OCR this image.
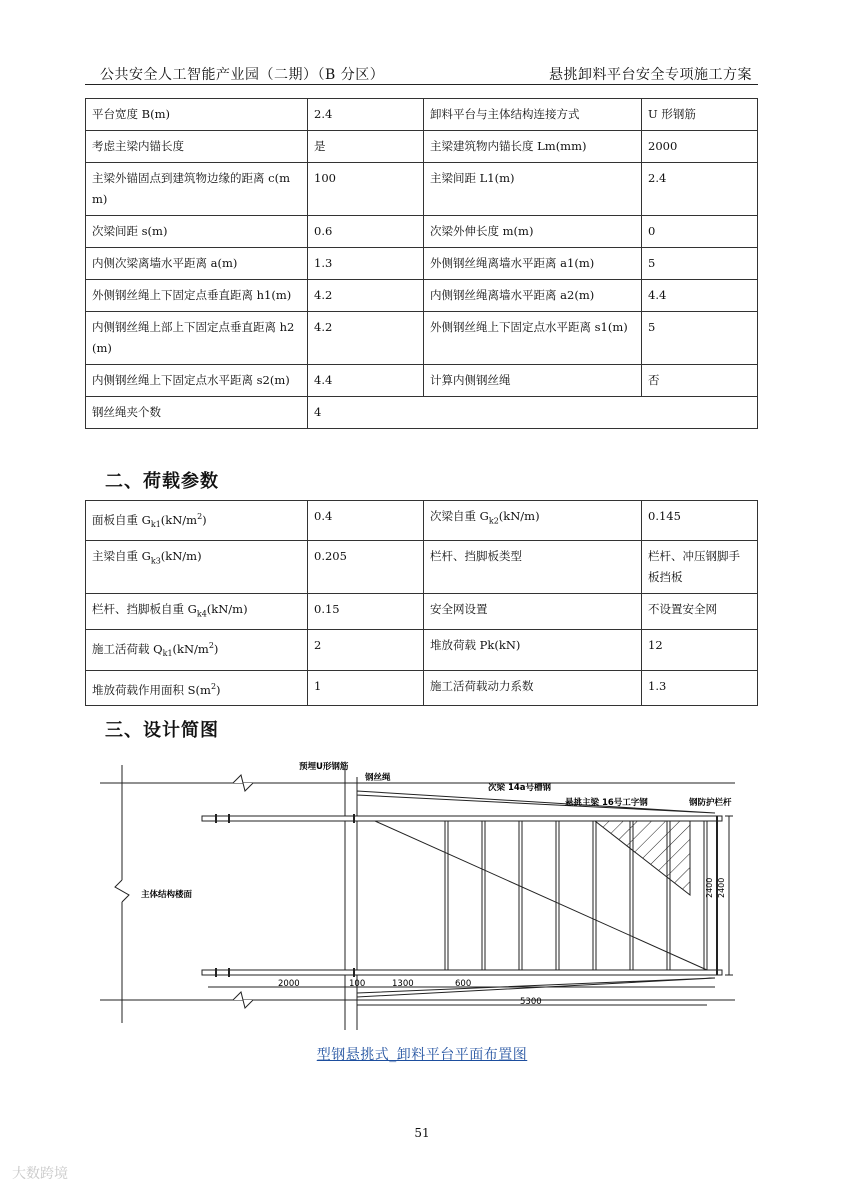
公共安全人工智能产业园（二期）（B 分区）	悬挑卸料平台安全专项施工方案
平台宽度 B(m)	2.4	卸料平台与主体结构连接方式	U 形钢筋
考虑主梁内锚长度	是	主梁建筑物内锚长度 Lm(mm)	2000
主梁外锚固点到建筑物边缘的距离 c(mm)	100	主梁间距 L1(m)	2.4
次梁间距 s(m)	0.6	次梁外伸长度 m(m)	0
内侧次梁离墙水平距离 a(m)	1.3	外侧钢丝绳离墙水平距离 a1(m)	5
外侧钢丝绳上下固定点垂直距离 h1(m)	4.2	内侧钢丝绳离墙水平距离 a2(m)	4.4
内侧钢丝绳上部上下固定点垂直距离 h2(m)	4.2	外侧钢丝绳上下固定点水平距离 s1(m)	5
内侧钢丝绳上下固定点水平距离 s2(m)	4.4	计算内侧钢丝绳	否
钢丝绳夹个数	4		
二、荷载参数
面板自重 $G_{k1}(kN/m^2)$	0.4	次梁自重 $G_{k2}(kN/m)$	0.145
主梁自重 $G_{k3}(kN/m)$	0.205	栏杆、挡脚板类型	栏杆、冲压钢脚手板挡板
栏杆、挡脚板自重 $G_{k4}(kN/m)$	0.15	安全网设置	不设置安全网
施工活荷载 $Q_{k1}(kN/m^2)$	2	堆放荷载 Pk(kN)	12
堆放荷载作用面积 $S(m^2)$	1	施工活荷载动力系数	1.3
三、设计简图
预埋U形钢筋
钢丝绳
次梁 14a号槽钢
悬挑主梁 16号工字钢	钢防护栏杆
主体结构楼面	2400 2400
2000	100	1300	600
5300
型钢悬挑式_卸料平台平面布置图
51
大数跨境
